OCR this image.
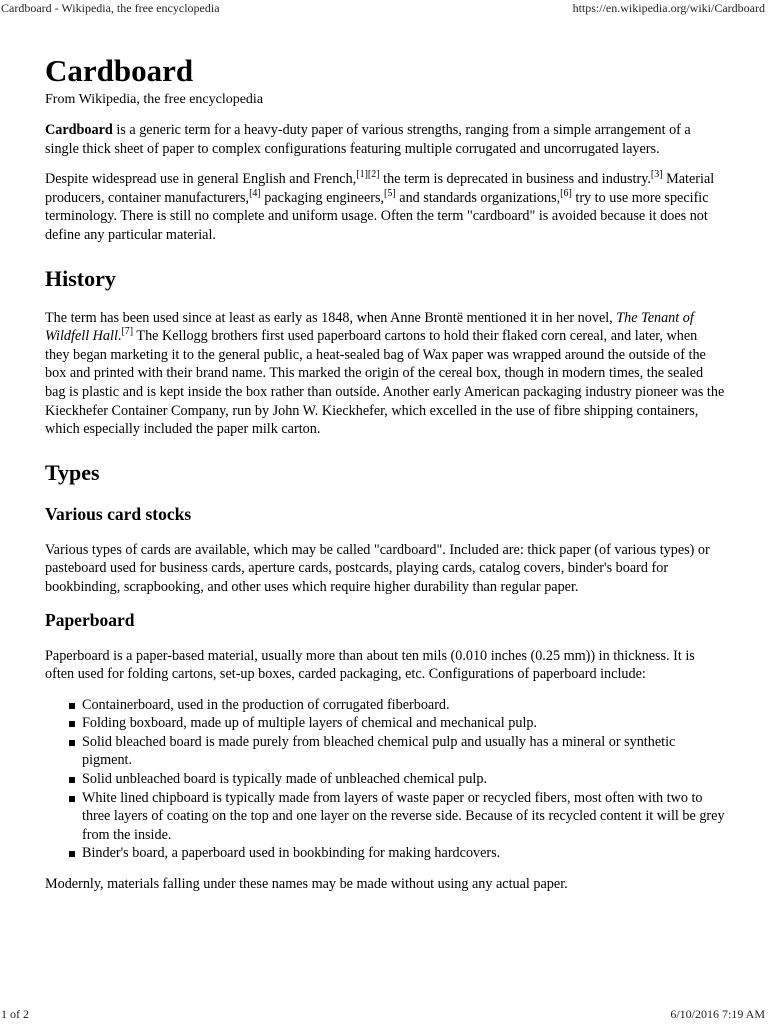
Cardboard - Wikipedia, the free encyclopedia	https://en.wikipedia.org/wiki/Cardboard
Cardboard
From Wikipedia, the free encyclopedia

Cardboard is a generic term for a heavy-duty paper of various strengths, ranging from a simple arrangement of a single thick sheet of paper to complex configurations featuring multiple corrugated and uncorrugated layers.

Despite widespread use in general English and French,[1][2] the term is deprecated in business and industry.[3] Material producers, container manufacturers,[4] packaging engineers,[5] and standards organizations,[6] try to use more specific terminology. There is still no complete and uniform usage. Often the term "cardboard" is avoided because it does not define any particular material.

History

The term has been used since at least as early as 1848, when Anne Brontë mentioned it in her novel, The Tenant of Wildfell Hall.[7] The Kellogg brothers first used paperboard cartons to hold their flaked corn cereal, and later, when they began marketing it to the general public, a heat-sealed bag of Wax paper was wrapped around the outside of the box and printed with their brand name. This marked the origin of the cereal box, though in modern times, the sealed bag is plastic and is kept inside the box rather than outside. Another early American packaging industry pioneer was the Kieckhefer Container Company, run by John W. Kieckhefer, which excelled in the use of fibre shipping containers, which especially included the paper milk carton.

Types
Various card stocks

Various types of cards are available, which may be called "cardboard". Included are: thick paper (of various types) or pasteboard used for business cards, aperture cards, postcards, playing cards, catalog covers, binder's board for bookbinding, scrapbooking, and other uses which require higher durability than regular paper.

Paperboard

Paperboard is a paper-based material, usually more than about ten mils (0.010 inches (0.25 mm)) in thickness. It is often used for folding cartons, set-up boxes, carded packaging, etc. Configurations of paperboard include:

Containerboard, used in the production of corrugated fiberboard.
Folding boxboard, made up of multiple layers of chemical and mechanical pulp.
Solid bleached board is made purely from bleached chemical pulp and usually has a mineral or synthetic pigment.
Solid unbleached board is typically made of unbleached chemical pulp.
White lined chipboard is typically made from layers of waste paper or recycled fibers, most often with two to three layers of coating on the top and one layer on the reverse side. Because of its recycled content it will be grey from the inside.
Binder's board, a paperboard used in bookbinding for making hardcovers.

Modernly, materials falling under these names may be made without using any actual paper.

1 of 2	6/10/2016 7:19 AM
